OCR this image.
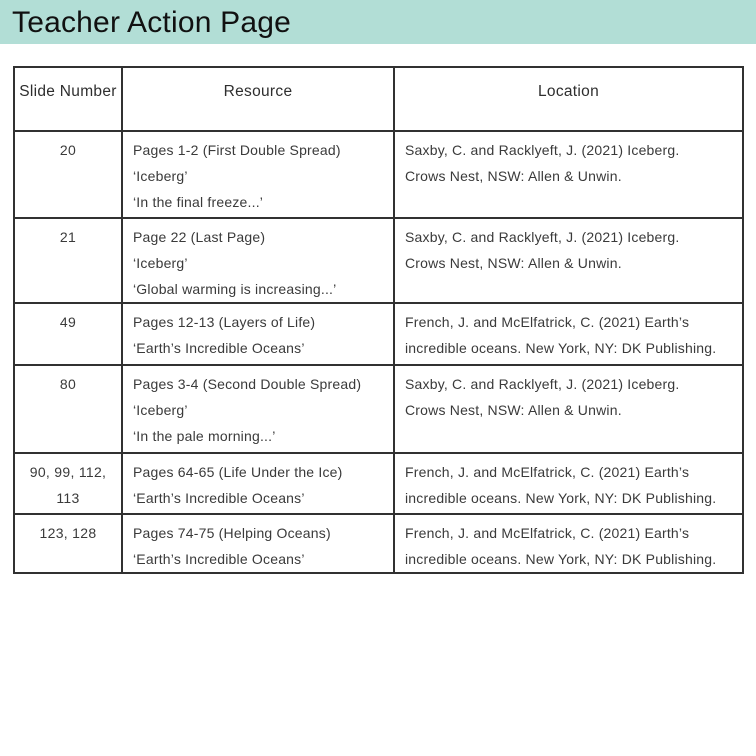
Teacher Action Page
Slide Number	Resource	Location
20	Pages 1-2 (First Double Spread)
‘Iceberg’
‘In the final freeze...’	Saxby, C. and Racklyeft, J. (2021) Iceberg.
Crows Nest, NSW: Allen & Unwin.
21	Page 22 (Last Page)
‘Iceberg’
‘Global warming is increasing...’	Saxby, C. and Racklyeft, J. (2021) Iceberg.
Crows Nest, NSW: Allen & Unwin.
49	Pages 12-13 (Layers of Life)
‘Earth’s Incredible Oceans’	French, J. and McElfatrick, C. (2021) Earth’s
incredible oceans. New York, NY: DK Publishing.
80	Pages 3-4 (Second Double Spread)
‘Iceberg’
‘In the pale morning...’	Saxby, C. and Racklyeft, J. (2021) Iceberg.
Crows Nest, NSW: Allen & Unwin.
90, 99, 112, 113	Pages 64-65 (Life Under the Ice)
‘Earth’s Incredible Oceans’	French, J. and McElfatrick, C. (2021) Earth’s
incredible oceans. New York, NY: DK Publishing.
123, 128	Pages 74-75 (Helping Oceans)
‘Earth’s Incredible Oceans’	French, J. and McElfatrick, C. (2021) Earth’s
incredible oceans. New York, NY: DK Publishing.
